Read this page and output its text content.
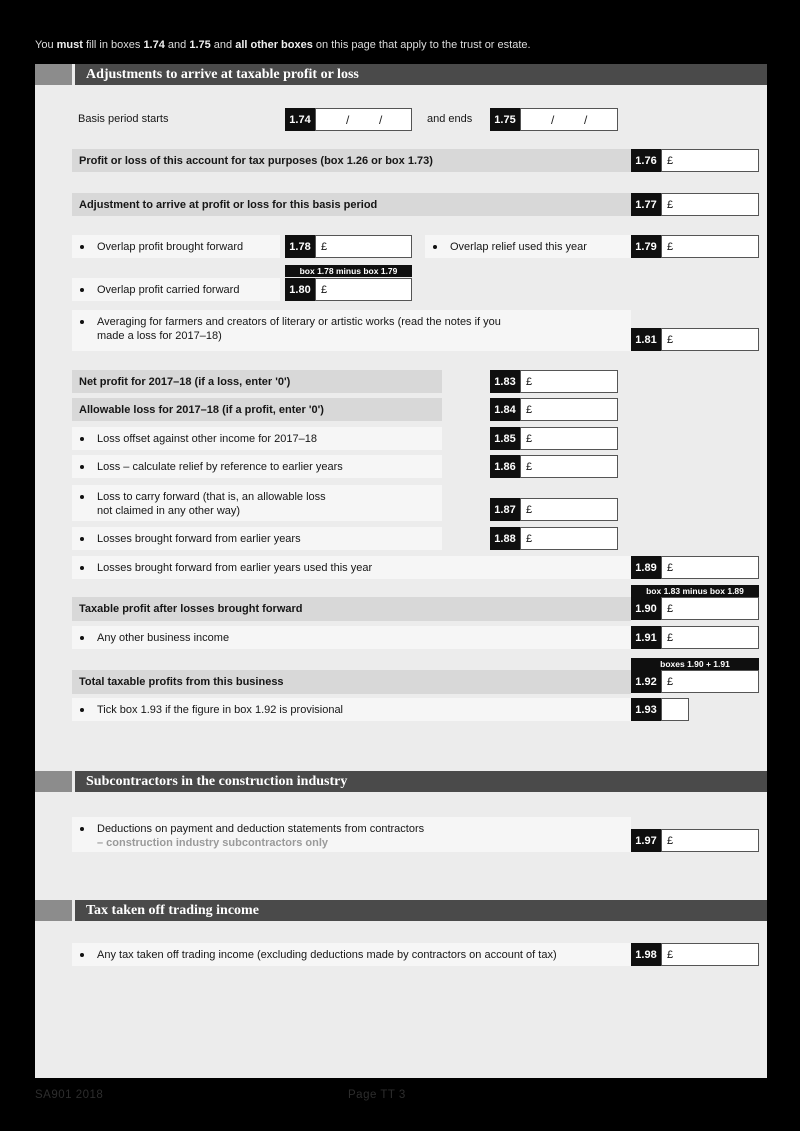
You must fill in boxes 1.74 and 1.75 and all other boxes on this page that apply to the trust or estate.
Adjustments to arrive at taxable profit or loss
Basis period starts	1.74	/ /	and ends	1.75	/ /
Profit or loss of this account for tax purposes (box 1.26 or box 1.73)	1.76 £
Adjustment to arrive at profit or loss for this basis period	1.77 £
Overlap profit brought forward	1.78 £	Overlap relief used this year	1.79 £
box 1.78 minus box 1.79
Overlap profit carried forward	1.80 £
Averaging for farmers and creators of literary or artistic works (read the notes if you
made a loss for 2017–18)	1.81 £
Net profit for 2017–18 (if a loss, enter '0')	1.83 £
Allowable loss for 2017–18 (if a profit, enter '0')	1.84 £
Loss offset against other income for 2017–18	1.85 £
Loss – calculate relief by reference to earlier years	1.86 £
Loss to carry forward (that is, an allowable loss
not claimed in any other way)	1.87 £
Losses brought forward from earlier years	1.88 £
Losses brought forward from earlier years used this year	1.89 £
box 1.83 minus box 1.89
Taxable profit after losses brought forward	1.90 £
Any other business income	1.91 £
boxes 1.90 + 1.91
Total taxable profits from this business	1.92 £
Tick box 1.93 if the figure in box 1.92 is provisional	1.93
Subcontractors in the construction industry
Deductions on payment and deduction statements from contractors
– construction industry subcontractors only	1.97 £
Tax taken off trading income
Any tax taken off trading income (excluding deductions made by contractors on account of tax)	1.98 £
SA901 2018	Page TT 3
